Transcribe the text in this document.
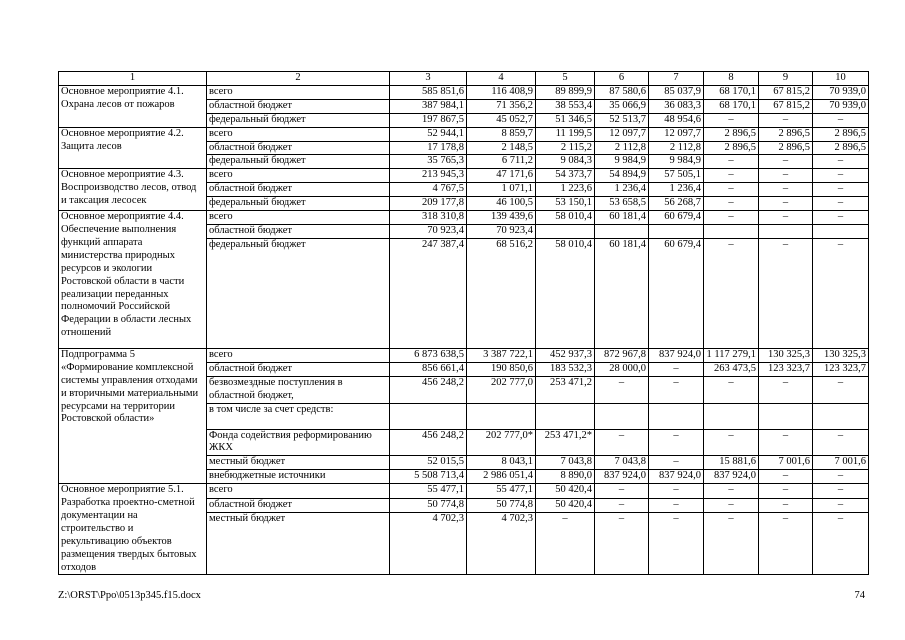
1	2	3	4	5	6	7	8	9	10
Основное мероприятие 4.1. Охрана лесов от пожаров	всего	585 851,6	116 408,9	89 899,9	87 580,6	85 037,9	68 170,1	67 815,2	70 939,0
	областной бюджет	387 984,1	71 356,2	38 553,4	35 066,9	36 083,3	68 170,1	67 815,2	70 939,0
	федеральный бюджет	197 867,5	45 052,7	51 346,5	52 513,7	48 954,6	–	–	–
Основное мероприятие 4.2. Защита лесов	всего	52 944,1	8 859,7	11 199,5	12 097,7	12 097,7	2 896,5	2 896,5	2 896,5
	областной бюджет	17 178,8	2 148,5	2 115,2	2 112,8	2 112,8	2 896,5	2 896,5	2 896,5
	федеральный бюджет	35 765,3	6 711,2	9 084,3	9 984,9	9 984,9	–	–	–
Основное мероприятие 4.3. Воспроизводство лесов, отвод и таксация лесосек	всего	213 945,3	47 171,6	54 373,7	54 894,9	57 505,1	–	–	–
	областной бюджет	4 767,5	1 071,1	1 223,6	1 236,4	1 236,4	–	–	–
	федеральный бюджет	209 177,8	46 100,5	53 150,1	53 658,5	56 268,7	–	–	–
Основное мероприятие 4.4. Обеспечение выполнения функций аппарата министерства природных ресурсов и экологии Ростовской области в части реализации переданных полномочий Российской Федерации в области лесных отношений	всего	318 310,8	139 439,6	58 010,4	60 181,4	60 679,4	–	–	–
	областной бюджет	70 923,4	70 923,4						
	федеральный бюджет	247 387,4	68 516,2	58 010,4	60 181,4	60 679,4	–	–	–
Подпрограмма 5 «Формирование комплексной системы управления отходами и вторичными материальными ресурсами на территории Ростовской области»	всего	6 873 638,5	3 387 722,1	452 937,3	872 967,8	837 924,0	1 117 279,1	130 325,3	130 325,3
	областной бюджет	856 661,4	190 850,6	183 532,3	28 000,0	–	263 473,5	123 323,7	123 323,7
	безвозмездные поступления в областной бюджет,	456 248,2	202 777,0	253 471,2	–	–	–	–	–
	в том числе за счет средств:								
	Фонда содействия реформированию ЖКХ	456 248,2	202 777,0*	253 471,2*	–	–	–	–	–
	местный бюджет	52 015,5	8 043,1	7 043,8	7 043,8	–	15 881,6	7 001,6	7 001,6
	внебюджетные источники	5 508 713,4	2 986 051,4	8 890,0	837 924,0	837 924,0	837 924,0	–	–
Основное мероприятие 5.1. Разработка проектно-сметной документации на строительство и рекультивацию объектов размещения твердых бытовых отходов	всего	55 477,1	55 477,1	50 420,4	–	–	–	–	–
	областной бюджет	50 774,8	50 774,8	50 420,4	–	–	–	–	–
	местный бюджет	4 702,3	4 702,3	–	–	–	–	–	–
Z:\ORST\Ppo\0513p345.f15.docx	74
